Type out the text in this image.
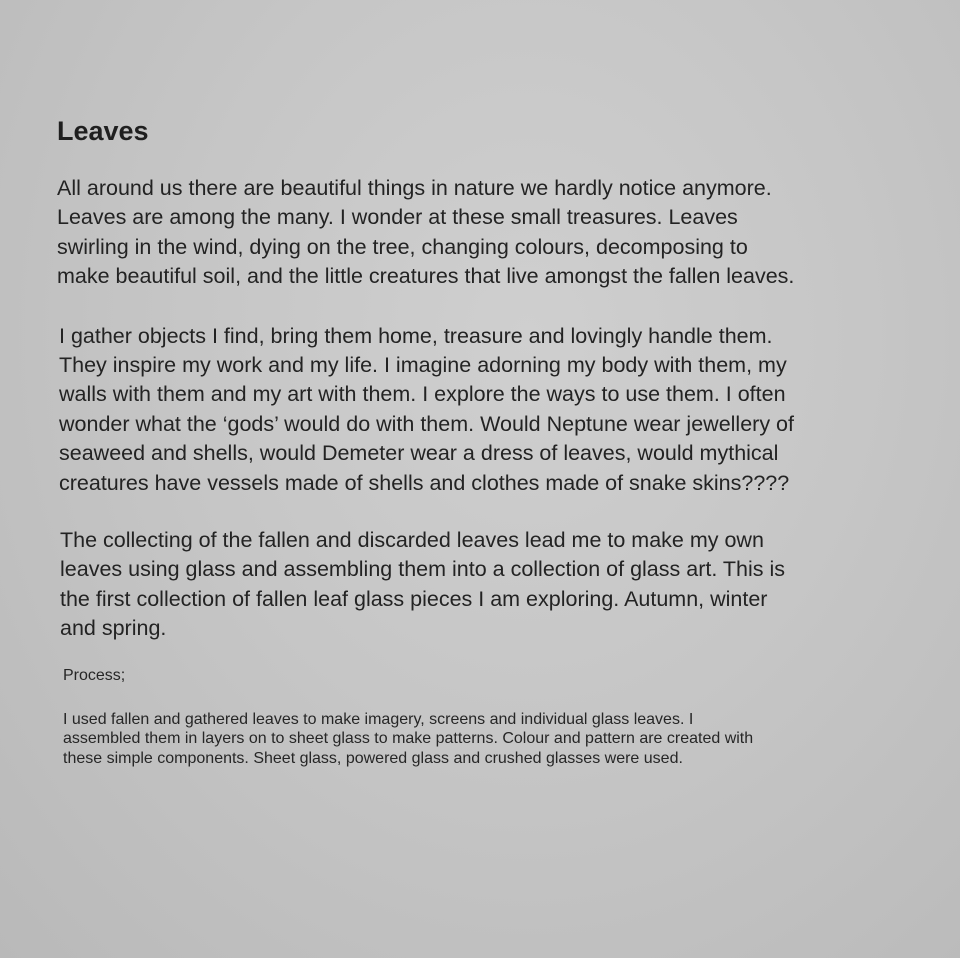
Leaves

All around us there are beautiful things in nature we hardly notice anymore.
Leaves are among the many. I wonder at these small treasures. Leaves
swirling in the wind, dying on the tree, changing colours, decomposing to
make beautiful soil, and the little creatures that live amongst the fallen leaves.

I gather objects I find, bring them home, treasure and lovingly handle them.
They inspire my work and my life. I imagine adorning my body with them, my
walls with them and my art with them. I explore the ways to use them. I often
wonder what the ‘gods’ would do with them. Would Neptune wear jewellery of
seaweed and shells, would Demeter wear a dress of leaves, would mythical
creatures have vessels made of shells and clothes made of snake skins????

The collecting of the fallen and discarded leaves lead me to make my own
leaves using glass and assembling them into a collection of glass art. This is
the first collection of fallen leaf glass pieces I am exploring. Autumn, winter
and spring.

Process;

I used fallen and gathered leaves to make imagery, screens and individual glass leaves. I
assembled them in layers on to sheet glass to make patterns. Colour and pattern are created with
these simple components. Sheet glass, powered glass and crushed glasses were used.
